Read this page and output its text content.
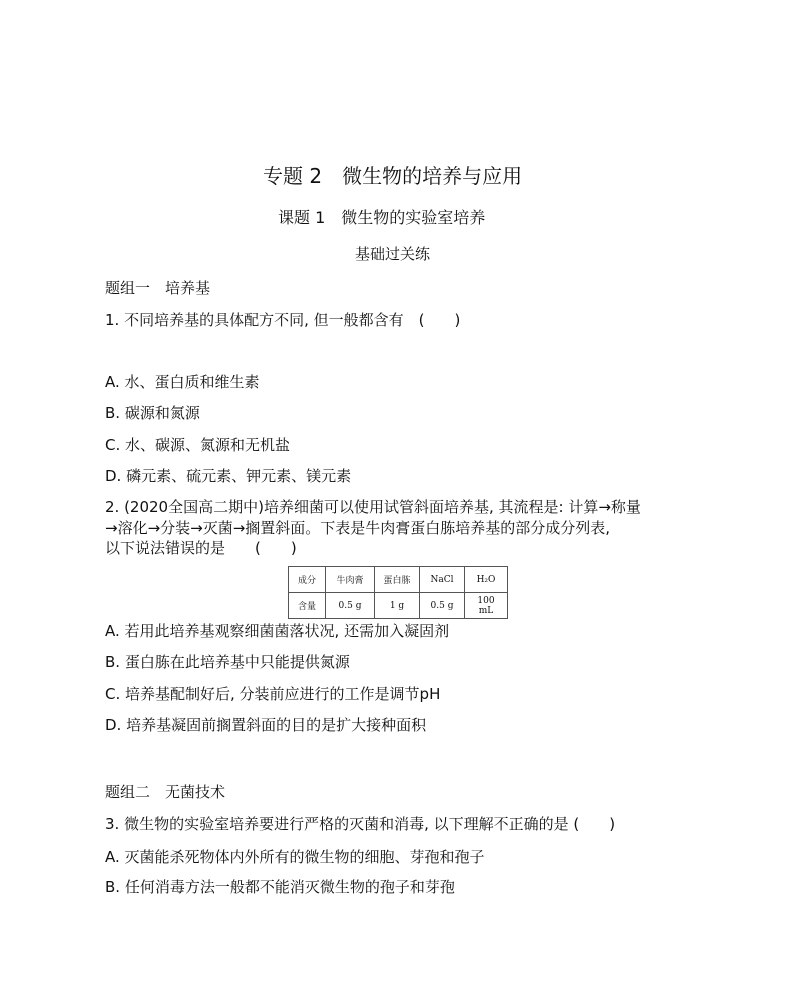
专题 2　微生物的培养与应用
课题 1　微生物的实验室培养
基础过关练
题组一　培养基
1. 不同培养基的具体配方不同, 但一般都含有　(　　)
A. 水、蛋白质和维生素
B. 碳源和氮源
C. 水、碳源、氮源和无机盐
D. 磷元素、硫元素、钾元素、镁元素
2. (2020全国高二期中)培养细菌可以使用试管斜面培养基, 其流程是: 计算→称量
→溶化→分装→灭菌→搁置斜面。下表是牛肉膏蛋白胨培养基的部分成分列表,
以下说法错误的是　　(　　)
成分	牛肉膏	蛋白胨	NaCl	H₂O
含量	0.5 g	1 g	0.5 g	100 mL
A. 若用此培养基观察细菌菌落状况, 还需加入凝固剂
B. 蛋白胨在此培养基中只能提供氮源
C. 培养基配制好后, 分装前应进行的工作是调节pH
D. 培养基凝固前搁置斜面的目的是扩大接种面积
题组二　无菌技术
3. 微生物的实验室培养要进行严格的灭菌和消毒, 以下理解不正确的是 (　　)
A. 灭菌能杀死物体内外所有的微生物的细胞、芽孢和孢子
B. 任何消毒方法一般都不能消灭微生物的孢子和芽孢
